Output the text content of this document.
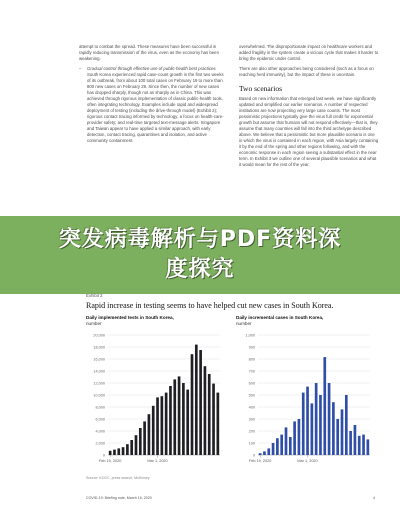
attempt to combat the spread. These measures have been successful in rapidly reducing transmission of the virus, even as the economy has been weakening.

– Gradual control through effective use of public-health best practices. South Korea experienced rapid case-count growth in the first two weeks of its outbreak, from about 100 total cases on February 19 to more than 800 new cases on February 29. Since then, the number of new cases has dropped sharply, though not as sharply as in China. This was achieved through rigorous implementation of classic public-health tools, often integrating technology. Examples include rapid and widespread deployment of testing (including the drive-through model) (Exhibit 2); rigorous contact tracing informed by technology; a focus on health-care-provider safety; and real-time targeted text-message alerts. Singapore and Taiwan appear to have applied a similar approach, with early detection, contact tracing, quarantines and isolation, and active community containment.

overwhelmed. The disproportionate impact on healthcare workers and added fragility in the system create a vicious cycle that makes it harder to bring the epidemic under control.

There are also other approaches being considered (such as a focus on reaching herd immunity), but the impact of these is uncertain.

Two scenarios

Based on new information that emerged last week, we have significantly updated and simplified our earlier scenarios. A number of respected institutions are now projecting very large case counts. The most pessimistic projections typically give the virus full credit for exponential growth but assume that humans will not respond effectively—that is, they assume that many countries will fall into the third archetype described above. We believe that a pessimistic but more plausible scenario is one in which the virus is contained in each region, with Asia largely containing it by the end of the spring and other regions following, and with the economic response in each region seeing a substantial effect in the near term. In Exhibit 3 we outline one of several plausible scenarios and what it would mean for the rest of the year.

突发病毒解析与PDF资料深度探究
Exhibit 2
Rapid increase in testing seems to have helped cut new cases in South Korea.
Daily implemented tests in South Korea,
number
20,000
18,000
16,000
14,000
12,000
10,000
8,000
6,000
4,000
2,000
0
Feb 19, 2020	Mar 1, 2020
Daily incremental cases in South Korea,
number
1,000
900
800
700
600
500
400
300
200
100
0
Feb 19, 2020	Mar 1, 2020
Source: KCDC, press search; McKinsey
COVID-19: Briefing note, March 16, 2020	4
